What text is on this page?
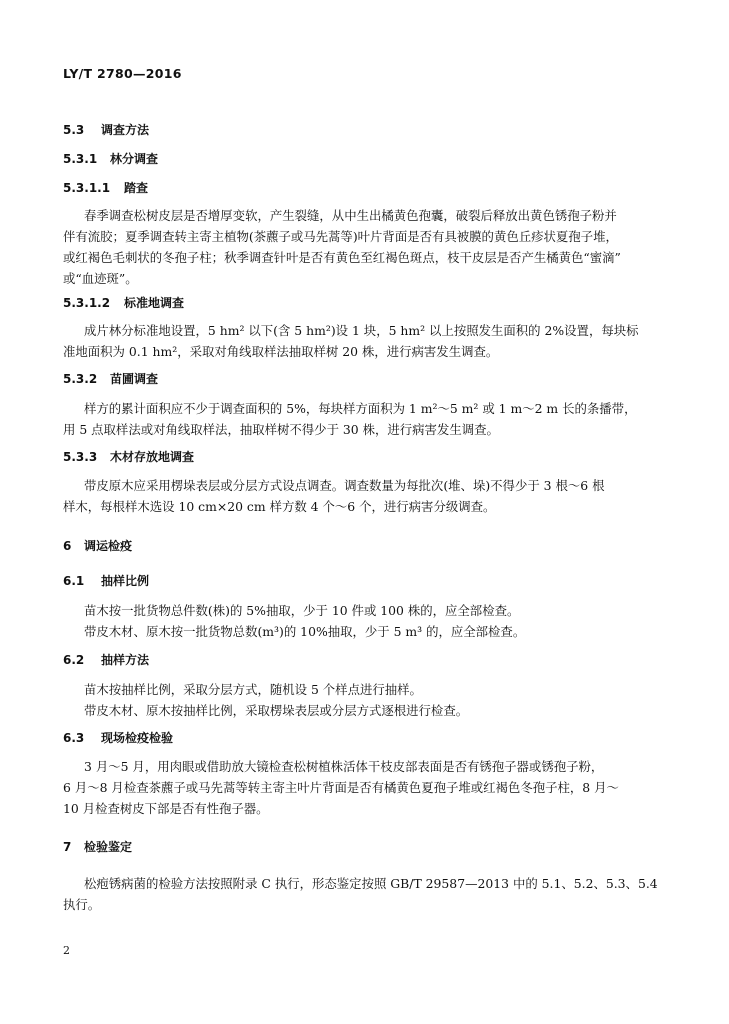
LY/T 2780—2016
5.3 调查方法
5.3.1 林分调查
5.3.1.1 踏查
春季调查松树皮层是否增厚变软，产生裂缝，从中生出橘黄色孢囊，破裂后释放出黄色锈孢子粉并
伴有流胶；夏季调查转主寄主植物(茶藨子或马先蒿等)叶片背面是否有具被膜的黄色丘疹状夏孢子堆，
或红褐色毛刺状的冬孢子柱；秋季调查针叶是否有黄色至红褐色斑点，枝干皮层是否产生橘黄色“蜜滴”
或“血迹斑”。
5.3.1.2 标准地调查
成片林分标准地设置，5 hm² 以下(含 5 hm²)设 1 块，5 hm² 以上按照发生面积的 2%设置，每块标
准地面积为 0.1 hm²，采取对角线取样法抽取样树 20 株，进行病害发生调查。
5.3.2 苗圃调查
样方的累计面积应不少于调查面积的 5%，每块样方面积为 1 m²～5 m² 或 1 m～2 m 长的条播带，
用 5 点取样法或对角线取样法，抽取样树不得少于 30 株，进行病害发生调查。
5.3.3 木材存放地调查
带皮原木应采用楞垛表层或分层方式设点调查。调查数量为每批次(堆、垛)不得少于 3 根～6 根
样木，每根样木选设 10 cm×20 cm 样方数 4 个～6 个，进行病害分级调查。
6 调运检疫
6.1 抽样比例
苗木按一批货物总件数(株)的 5%抽取，少于 10 件或 100 株的，应全部检查。
带皮木材、原木按一批货物总数(m³)的 10%抽取，少于 5 m³ 的，应全部检查。
6.2 抽样方法
苗木按抽样比例，采取分层方式，随机设 5 个样点进行抽样。
带皮木材、原木按抽样比例，采取楞垛表层或分层方式逐根进行检查。
6.3 现场检疫检验
3 月～5 月，用肉眼或借助放大镜检查松树植株活体干枝皮部表面是否有锈孢子器或锈孢子粉，
6 月～8 月检查茶藨子或马先蒿等转主寄主叶片背面是否有橘黄色夏孢子堆或红褐色冬孢子柱，8 月～
10 月检查树皮下部是否有性孢子器。
7 检验鉴定
松疱锈病菌的检验方法按照附录 C 执行，形态鉴定按照 GB/T 29587—2013 中的 5.1、5.2、5.3、5.4
执行。
2
